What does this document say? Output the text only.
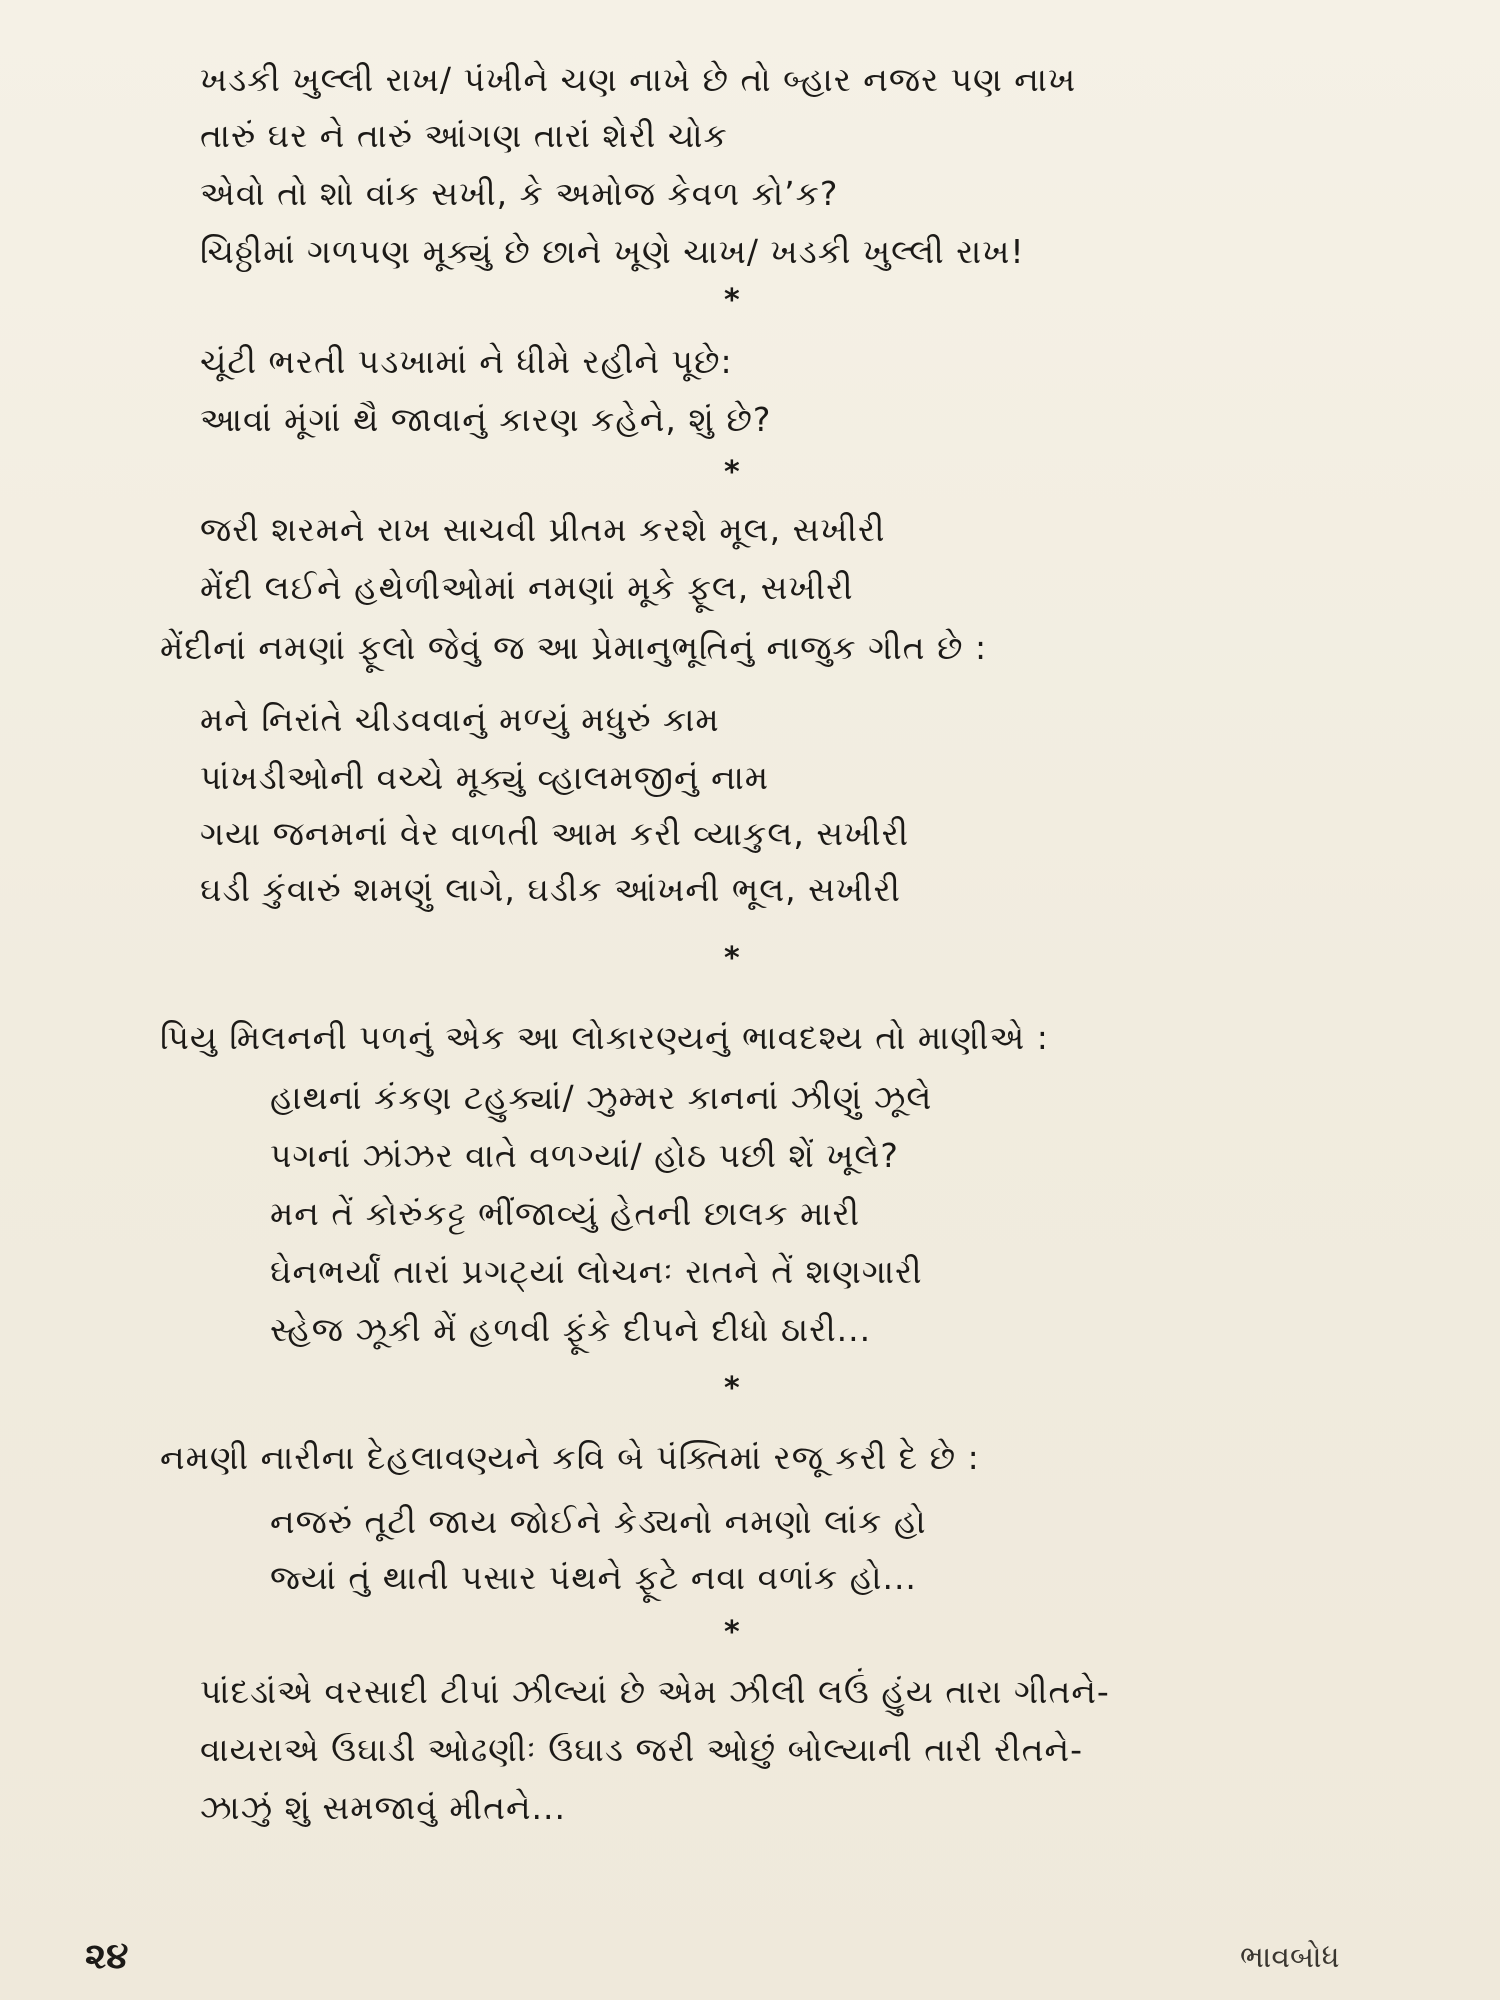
ખડકી ખુલ્લી રાખ/ પંખીને ચણ નાખે છે તો બ્હાર નજર પણ નાખ
તારું ઘર ને તારું આંગણ તારાં શેરી ચોક
એવો તો શો વાંક સખી, કે અમોજ કેવળ કો’ક?
ચિઠ્ઠીમાં ગળપણ મૂક્યું છે છાને ખૂણે ચાખ/ ખડકી ખુલ્લી રાખ!
*
ચૂંટી ભરતી પડખામાં ને ધીમે રહીને પૂછે:
આવાં મૂંગાં થૈ જાવાનું કારણ કહેને, શું છે?
*
જરી શરમને રાખ સાચવી પ્રીતમ કરશે મૂલ, સખીરી
મેંદી લઈને હથેળીઓમાં નમણાં મૂકે ફૂલ, સખીરી
મેંદીનાં નમણાં ફૂલો જેવું જ આ પ્રેમાનુભૂતિનું નાજુક ગીત છે :
મને નિરાંતે ચીડવવાનું મળ્યું મધુરું કામ
પાંખડીઓની વચ્ચે મૂક્યું વ્હાલમજીનું નામ
ગયા જનમનાં વેર વાળતી આમ કરી વ્યાકુલ, સખીરી
ઘડી કુંવારું શમણું લાગે, ઘડીક આંખની ભૂલ, સખીરી
*
પિયુ મિલનની પળનું એક આ લોકારણ્યનું ભાવદશ્ય તો માણીએ :
હાથનાં કંકણ ટહુક્યાં/ ઝુમ્મર કાનનાં ઝીણું ઝૂલે
પગનાં ઝાંઝર વાતે વળગ્યાં/ હોઠ પછી શેં ખૂલે?
મન તેં કોરુંકટ્ટ ભીંજાવ્યું હેતની છાલક મારી
ઘેનભર્યાં તારાં પ્રગટ્યાં લોચનઃ રાતને તેં શણગારી
સ્હેજ ઝૂકી મેં હળવી ફૂંકે દીપને દીધો ઠારી...
*
નમણી નારીના દેહલાવણ્યને કવિ બે પંક્તિમાં રજૂ કરી દે છે :
નજરું તૂટી જાય જોઈને કેડ્યનો નમણો લાંક હો
જ્યાં તું થાતી પસાર પંથને ફૂટે નવા વળાંક હો...
*
પાંદડાંએ વરસાદી ટીપાં ઝીલ્યાં છે એમ ઝીલી લઉં હુંય તારા ગીતને-
વાયરાએ ઉઘાડી ઓઢણીઃ ઉઘાડ જરી ઓછું બોલ્યાની તારી રીતને-
ઝાઝું શું સમજાવું મીતને...
૨૪	ભાવબોધ
